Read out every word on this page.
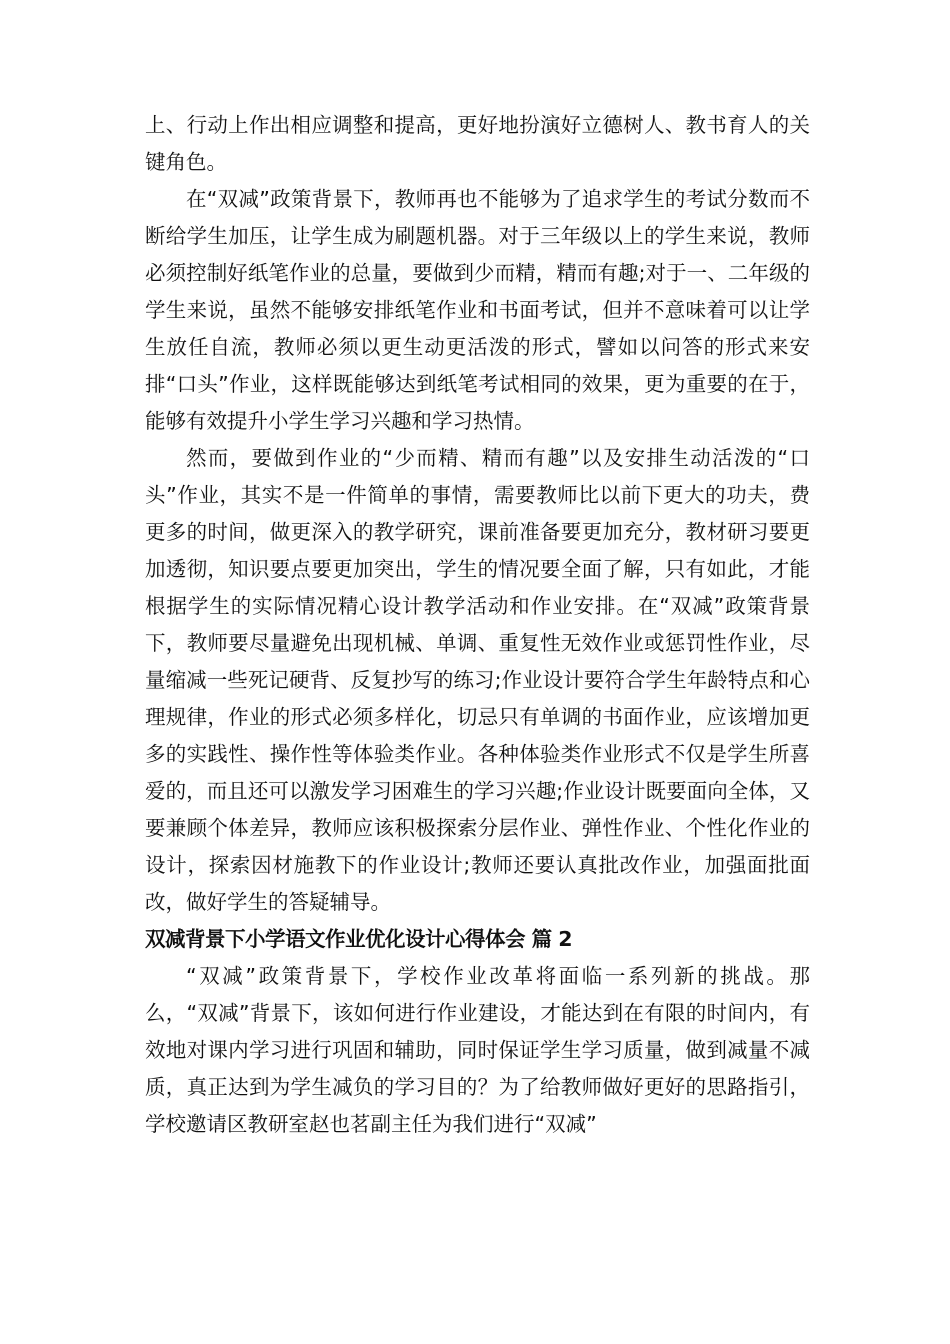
上、行动上作出相应调整和提高，更好地扮演好立德树人、教书育人的关键角色。

在“双减”政策背景下，教师再也不能够为了追求学生的考试分数而不断给学生加压，让学生成为刷题机器。对于三年级以上的学生来说，教师必须控制好纸笔作业的总量，要做到少而精，精而有趣;对于一、二年级的学生来说，虽然不能够安排纸笔作业和书面考试，但并不意味着可以让学生放任自流，教师必须以更生动更活泼的形式，譬如以问答的形式来安排“口头”作业，这样既能够达到纸笔考试相同的效果，更为重要的在于，能够有效提升小学生学习兴趣和学习热情。

然而，要做到作业的“少而精、精而有趣”以及安排生动活泼的“口头”作业，其实不是一件简单的事情，需要教师比以前下更大的功夫，费更多的时间，做更深入的教学研究，课前准备要更加充分，教材研习要更加透彻，知识要点要更加突出，学生的情况要全面了解，只有如此，才能根据学生的实际情况精心设计教学活动和作业安排。在“双减”政策背景下，教师要尽量避免出现机械、单调、重复性无效作业或惩罚性作业，尽量缩减一些死记硬背、反复抄写的练习;作业设计要符合学生年龄特点和心理规律，作业的形式必须多样化，切忌只有单调的书面作业，应该增加更多的实践性、操作性等体验类作业。各种体验类作业形式不仅是学生所喜爱的，而且还可以激发学习困难生的学习兴趣;作业设计既要面向全体，又要兼顾个体差异，教师应该积极探索分层作业、弹性作业、个性化作业的设计，探索因材施教下的作业设计;教师还要认真批改作业，加强面批面改，做好学生的答疑辅导。

双减背景下小学语文作业优化设计心得体会 篇 2

“双减”政策背景下，学校作业改革将面临一系列新的挑战。那么，“双减”背景下，该如何进行作业建设，才能达到在有限的时间内，有效地对课内学习进行巩固和辅助，同时保证学生学习质量，做到减量不减质，真正达到为学生减负的学习目的？为了给教师做好更好的思路指引，学校邀请区教研室赵也茗副主任为我们进行“双减”
